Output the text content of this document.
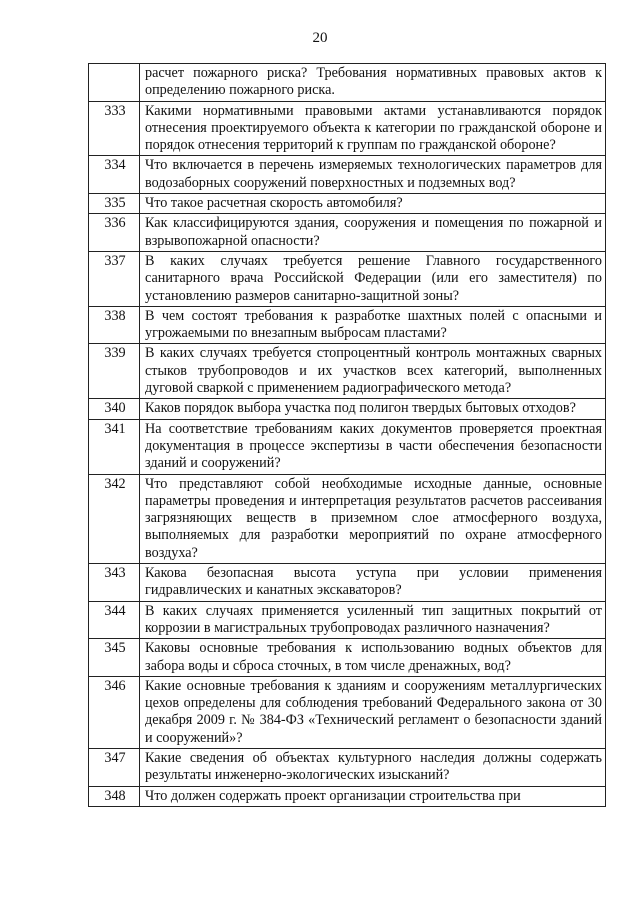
20
	расчет пожарного риска? Требования нормативных правовых актов к определению пожарного риска.
333	Какими нормативными правовыми актами устанавливаются порядок отнесения проектируемого объекта к категории по гражданской обороне и порядок отнесения территорий к группам по гражданской обороне?
334	Что включается в перечень измеряемых технологических параметров для водозаборных сооружений поверхностных и подземных вод?
335	Что такое расчетная скорость автомобиля?
336	Как классифицируются здания, сооружения и помещения по пожарной и взрывопожарной опасности?
337	В каких случаях требуется решение Главного государственного санитарного врача Российской Федерации (или его заместителя) по установлению размеров санитарно-защитной зоны?
338	В чем состоят требования к разработке шахтных полей с опасными и угрожаемыми по внезапным выбросам пластами?
339	В каких случаях требуется стопроцентный контроль монтажных сварных стыков трубопроводов и их участков всех категорий, выполненных дуговой сваркой с применением радиографического метода?
340	Каков порядок выбора участка под полигон твердых бытовых отходов?
341	На соответствие требованиям каких документов проверяется проектная документация в процессе экспертизы в части обеспечения безопасности зданий и сооружений?
342	Что представляют собой необходимые исходные данные, основные параметры проведения и интерпретация результатов расчетов рассеивания загрязняющих веществ в приземном слое атмосферного воздуха, выполняемых для разработки мероприятий по охране атмосферного воздуха?
343	Какова безопасная высота уступа при условии применения гидравлических и канатных экскаваторов?
344	В каких случаях применяется усиленный тип защитных покрытий от коррозии в магистральных трубопроводах различного назначения?
345	Каковы основные требования к использованию водных объектов для забора воды и сброса сточных, в том числе дренажных, вод?
346	Какие основные требования к зданиям и сооружениям металлургических цехов определены для соблюдения требований Федерального закона от 30 декабря 2009 г. № 384-ФЗ «Технический регламент о безопасности зданий и сооружений»?
347	Какие сведения об объектах культурного наследия должны содержать результаты инженерно-экологических изысканий?
348	Что должен содержать проект организации строительства при
